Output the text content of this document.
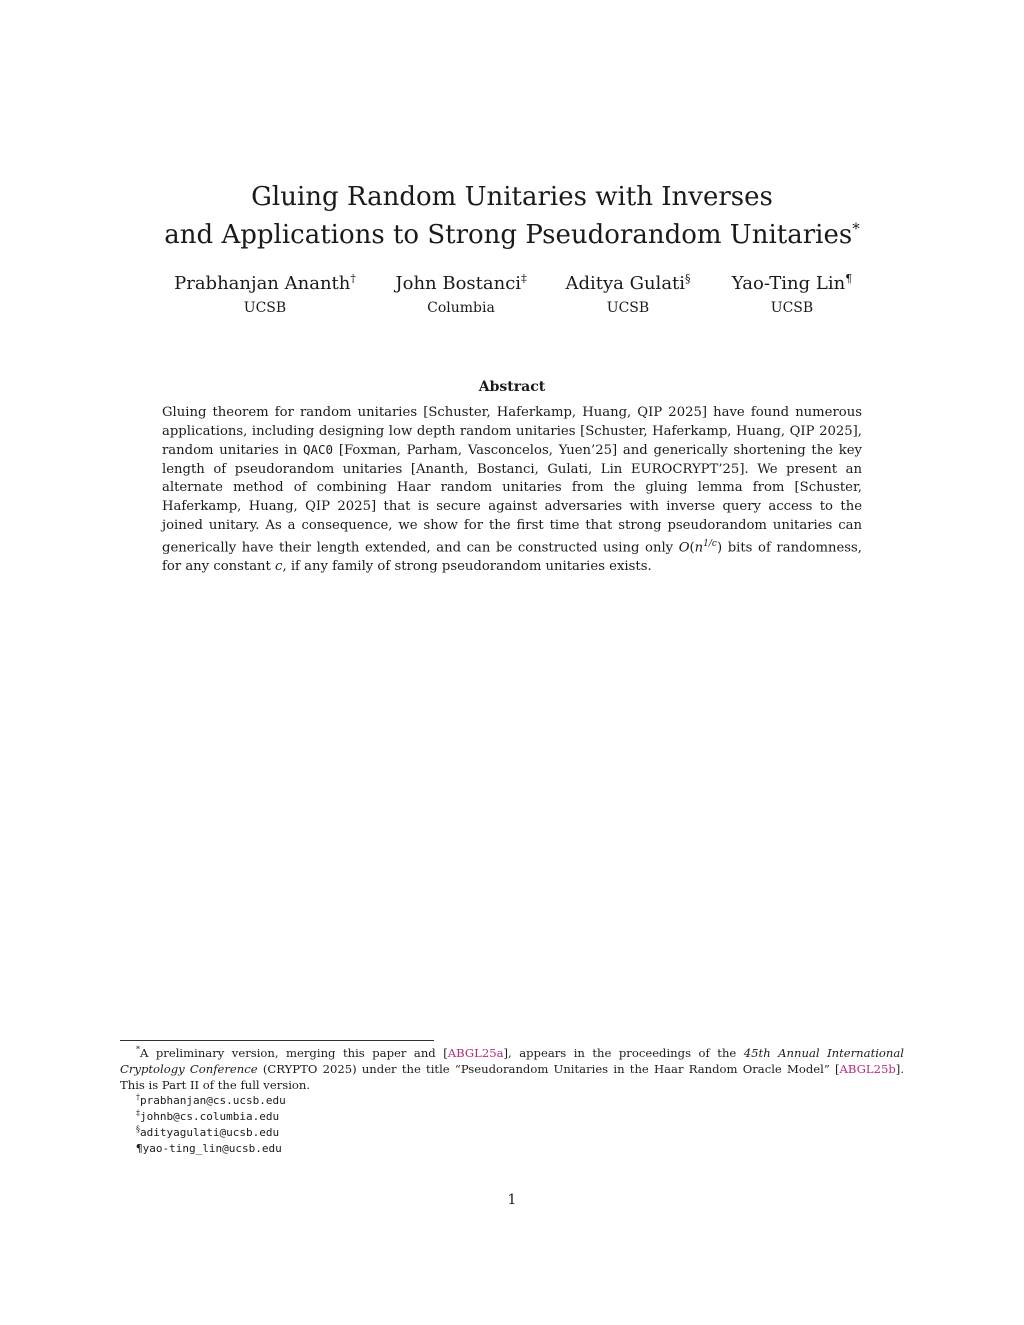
Gluing Random Unitaries with Inverses
and Applications to Strong Pseudorandom Unitaries*
Prabhanjan Ananth†
UCSB
John Bostanci‡
Columbia
Aditya Gulati§
UCSB
Yao-Ting Lin¶
UCSB
Abstract
Gluing theorem for random unitaries [Schuster, Haferkamp, Huang, QIP 2025] have found numerous applications, including designing low depth random unitaries [Schuster, Haferkamp, Huang, QIP 2025], random unitaries in QAC0 [Foxman, Parham, Vasconcelos, Yuen’25] and generically shortening the key length of pseudorandom unitaries [Ananth, Bostanci, Gulati, Lin EUROCRYPT’25]. We present an alternate method of combining Haar random unitaries from the gluing lemma from [Schuster, Haferkamp, Huang, QIP 2025] that is secure against adversaries with inverse query access to the joined unitary. As a consequence, we show for the first time that strong pseudorandom unitaries can generically have their length extended, and can be constructed using only $O(n^{1/c})$ bits of randomness, for any constant c, if any family of strong pseudorandom unitaries exists.
*A preliminary version, merging this paper and [ABGL25a], appears in the proceedings of the 45th Annual International Cryptology Conference (CRYPTO 2025) under the title “Pseudorandom Unitaries in the Haar Random Oracle Model” [ABGL25b]. This is Part II of the full version.
†prabhanjan@cs.ucsb.edu
‡johnb@cs.columbia.edu
§adityagulati@ucsb.edu
¶yao-ting_lin@ucsb.edu
1
